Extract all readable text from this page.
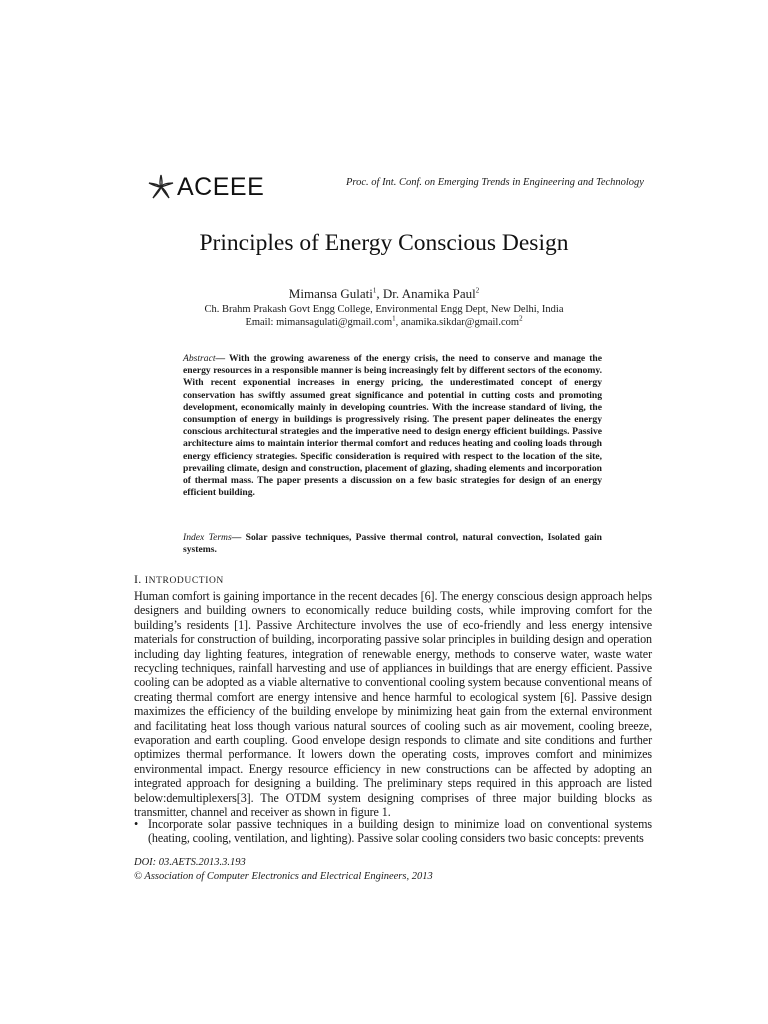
ACEEE	Proc. of Int. Conf. on Emerging Trends in Engineering and Technology
Principles of Energy Conscious Design
Mimansa Gulati$^1$, Dr. Anamika Paul$^2$
Ch. Brahm Prakash Govt Engg College, Environmental Engg Dept, New Delhi, India
Email: mimansagulati@gmail.com$^1$, anamika.sikdar@gmail.com$^2$

Abstract— With the growing awareness of the energy crisis, the need to conserve and manage the energy resources in a responsible manner is being increasingly felt by different sectors of the economy. With recent exponential increases in energy pricing, the underestimated concept of energy conservation has swiftly assumed great significance and potential in cutting costs and promoting development, economically mainly in developing countries. With the increase standard of living, the consumption of energy in buildings is progressively rising. The present paper delineates the energy conscious architectural strategies and the imperative need to design energy efficient buildings. Passive architecture aims to maintain interior thermal comfort and reduces heating and cooling loads through energy efficiency strategies. Specific consideration is required with respect to the location of the site, prevailing climate, design and construction, placement of glazing, shading elements and incorporation of thermal mass. The paper presents a discussion on a few basic strategies for design of an energy efficient building.

Index Terms— Solar passive techniques, Passive thermal control, natural convection, Isolated gain systems.

I. INTRODUCTION

Human comfort is gaining importance in the recent decades [6]. The energy conscious design approach helps designers and building owners to economically reduce building costs, while improving comfort for the building’s residents [1]. Passive Architecture involves the use of eco-friendly and less energy intensive materials for construction of building, incorporating passive solar principles in building design and operation including day lighting features, integration of renewable energy, methods to conserve water, waste water recycling techniques, rainfall harvesting and use of appliances in buildings that are energy efficient. Passive cooling can be adopted as a viable alternative to conventional cooling system because conventional means of creating thermal comfort are energy intensive and hence harmful to ecological system [6]. Passive design maximizes the efficiency of the building envelope by minimizing heat gain from the external environment and facilitating heat loss though various natural sources of cooling such as air movement, cooling breeze, evaporation and earth coupling. Good envelope design responds to climate and site conditions and further optimizes thermal performance. It lowers down the operating costs, improves comfort and minimizes environmental impact. Energy resource efficiency in new constructions can be affected by adopting an integrated approach for designing a building. The preliminary steps required in this approach are listed below:demultiplexers[3]. The OTDM system designing comprises of three major building blocks as transmitter, channel and receiver as shown in figure 1.

• Incorporate solar passive techniques in a building design to minimize load on conventional systems (heating, cooling, ventilation, and lighting). Passive solar cooling considers two basic concepts: prevents
DOI: 03.AETS.2013.3.193
© Association of Computer Electronics and Electrical Engineers, 2013
